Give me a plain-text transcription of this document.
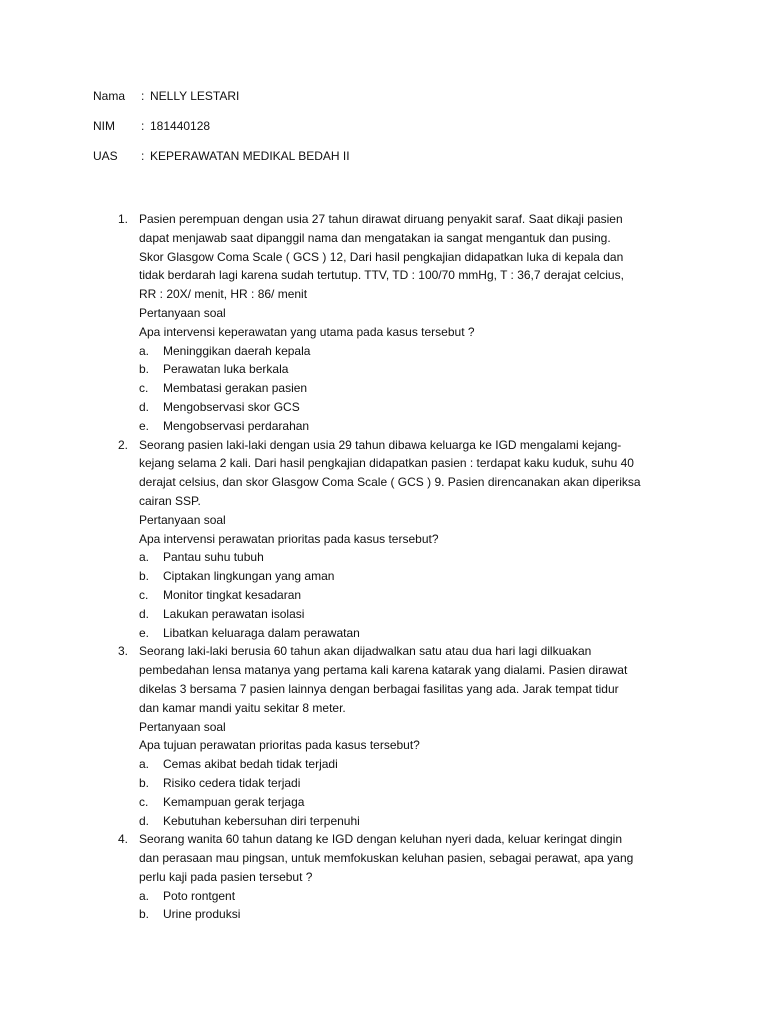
Nama	: NELLY LESTARI
NIM	: 181440128
UAS	: KEPERAWATAN MEDIKAL BEDAH II
1. Pasien perempuan dengan usia 27 tahun dirawat diruang penyakit saraf. Saat dikaji pasien
dapat menjawab saat dipanggil nama dan mengatakan ia sangat mengantuk dan pusing.
Skor Glasgow Coma Scale ( GCS ) 12, Dari hasil pengkajian didapatkan luka di kepala dan
tidak berdarah lagi karena sudah tertutup. TTV, TD : 100/70 mmHg, T : 36,7 derajat celcius,
RR : 20X/ menit, HR : 86/ menit
Pertanyaan soal
Apa intervensi keperawatan yang utama pada kasus tersebut ?
a.	Meninggikan daerah kepala
b.	Perawatan luka berkala
c.	Membatasi gerakan pasien
d.	Mengobservasi skor GCS
e.	Mengobservasi perdarahan
2. Seorang pasien laki-laki dengan usia 29 tahun dibawa keluarga ke IGD mengalami kejang-
kejang selama 2 kali. Dari hasil pengkajian didapatkan pasien : terdapat kaku kuduk, suhu 40
derajat celsius, dan skor Glasgow Coma Scale ( GCS ) 9. Pasien direncanakan akan diperiksa
cairan SSP.
Pertanyaan soal
Apa intervensi perawatan prioritas pada kasus tersebut?
a.	Pantau suhu tubuh
b.	Ciptakan lingkungan yang aman
c.	Monitor tingkat kesadaran
d.	Lakukan perawatan isolasi
e.	Libatkan keluaraga dalam perawatan
3. Seorang laki-laki berusia 60 tahun akan dijadwalkan satu atau dua hari lagi dilkuakan
pembedahan lensa matanya yang pertama kali karena katarak yang dialami. Pasien dirawat
dikelas 3 bersama 7 pasien lainnya dengan berbagai fasilitas yang ada. Jarak tempat tidur
dan kamar mandi yaitu sekitar 8 meter.
Pertanyaan soal
Apa tujuan perawatan prioritas pada kasus tersebut?
a.	Cemas akibat bedah tidak terjadi
b.	Risiko cedera tidak terjadi
c.	Kemampuan gerak terjaga
d.	Kebutuhan kebersuhan diri terpenuhi
4. Seorang wanita 60 tahun datang ke IGD dengan keluhan nyeri dada, keluar keringat dingin
dan perasaan mau pingsan, untuk memfokuskan keluhan pasien, sebagai perawat, apa yang
perlu kaji pada pasien tersebut ?
a.	Poto rontgent
b.	Urine produksi
